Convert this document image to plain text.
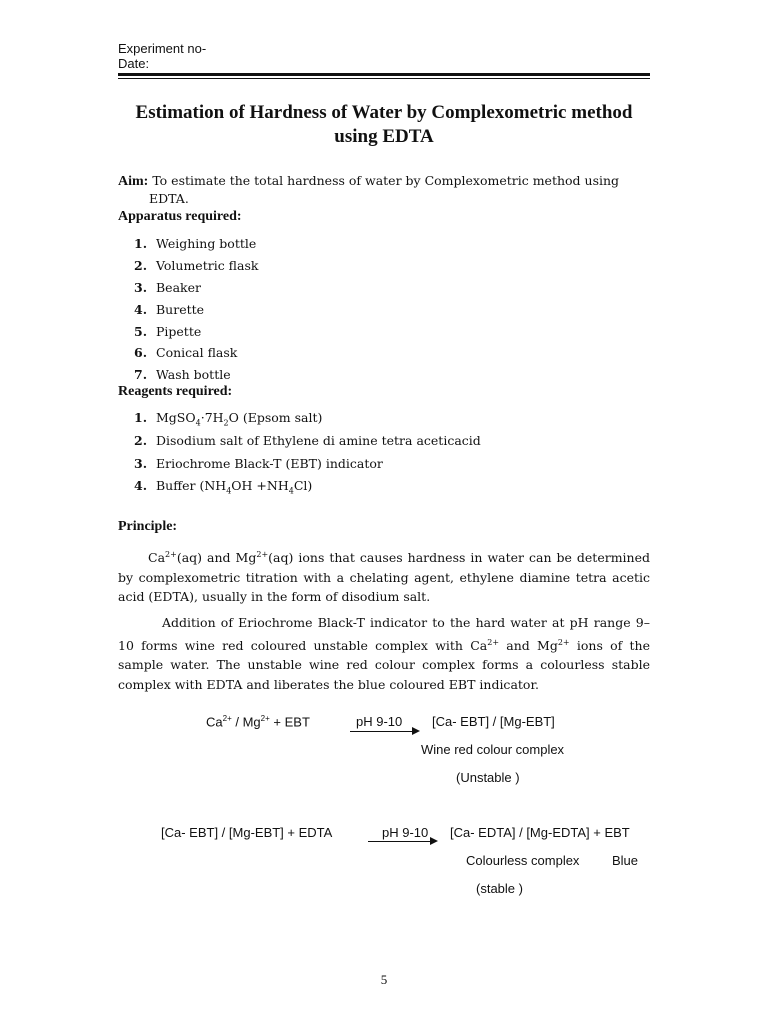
Experiment no-
Date:
Estimation of Hardness of Water by Complexometric method
using EDTA
Aim: To estimate the total hardness of water by Complexometric method using
EDTA.
Apparatus required:
1. Weighing bottle
2. Volumetric flask
3. Beaker
4. Burette
5. Pipette
6. Conical flask
7. Wash bottle
Reagents required:
1. $MgSO_4\cdot 7H_2O$ (Epsom salt)
2. Disodium salt of Ethylene di amine tetra aceticacid
3. Eriochrome Black-T (EBT) indicator
4. Buffer $(NH_4OH +NH_4Cl)$
Principle:
$Ca^{2+}(aq)$ and $Mg^{2+}(aq)$ ions that causes hardness in water can be determined by complexometric titration with a chelating agent, ethylene diamine tetra acetic acid (EDTA), usually in the form of disodium salt.
Addition of Eriochrome Black-T indicator to the hard water at pH range 9–10 forms wine red coloured unstable complex with $Ca^{2+}$ and $Mg^{2+}$ ions of the sample water. The unstable wine red colour complex forms a colourless stable complex with EDTA and liberates the blue coloured EBT indicator.
$Ca^{2+} / Mg^{2+}$ + EBT	pH 9-10 [Ca- EBT] / [Mg-EBT]
Wine red colour complex
(Unstable )
[Ca- EBT] / [Mg-EBT] + EDTA	pH 9-10 [Ca- EDTA] / [Mg-EDTA] + EBT
Colourless complex	Blue
(stable )
5
